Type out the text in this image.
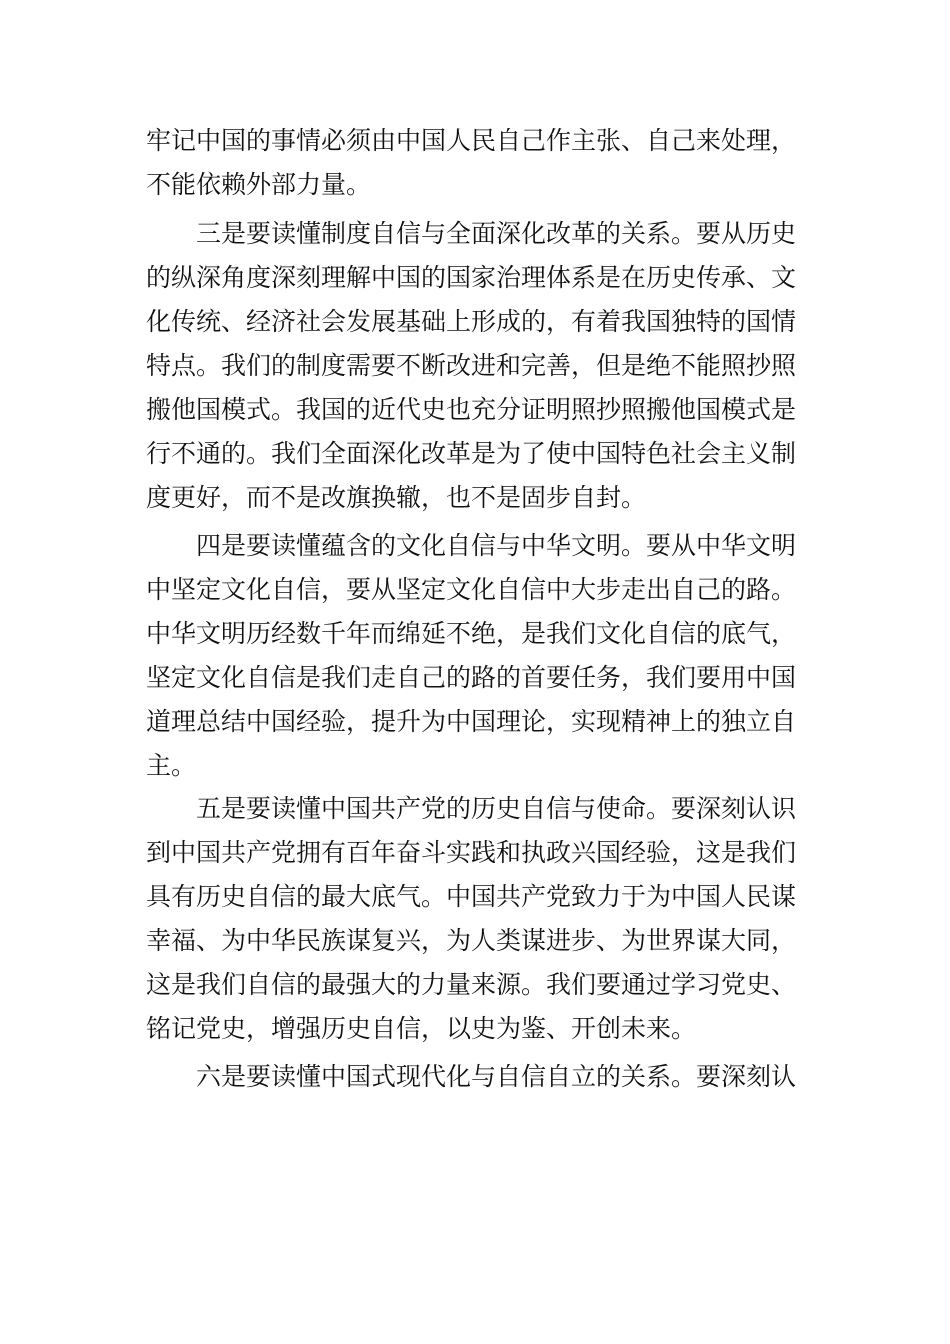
牢记中国的事情必须由中国人民自己作主张、自己来处理，
不能依赖外部力量。
三是要读懂制度自信与全面深化改革的关系。要从历史
的纵深角度深刻理解中国的国家治理体系是在历史传承、文
化传统、经济社会发展基础上形成的，有着我国独特的国情
特点。我们的制度需要不断改进和完善，但是绝不能照抄照
搬他国模式。我国的近代史也充分证明照抄照搬他国模式是
行不通的。我们全面深化改革是为了使中国特色社会主义制
度更好，而不是改旗换辙，也不是固步自封。
四是要读懂蕴含的文化自信与中华文明。要从中华文明
中坚定文化自信，要从坚定文化自信中大步走出自己的路。
中华文明历经数千年而绵延不绝，是我们文化自信的底气，
坚定文化自信是我们走自己的路的首要任务，我们要用中国
道理总结中国经验，提升为中国理论，实现精神上的独立自
主。
五是要读懂中国共产党的历史自信与使命。要深刻认识
到中国共产党拥有百年奋斗实践和执政兴国经验，这是我们
具有历史自信的最大底气。中国共产党致力于为中国人民谋
幸福、为中华民族谋复兴，为人类谋进步、为世界谋大同，
这是我们自信的最强大的力量来源。我们要通过学习党史、
铭记党史，增强历史自信，以史为鉴、开创未来。
六是要读懂中国式现代化与自信自立的关系。要深刻认
